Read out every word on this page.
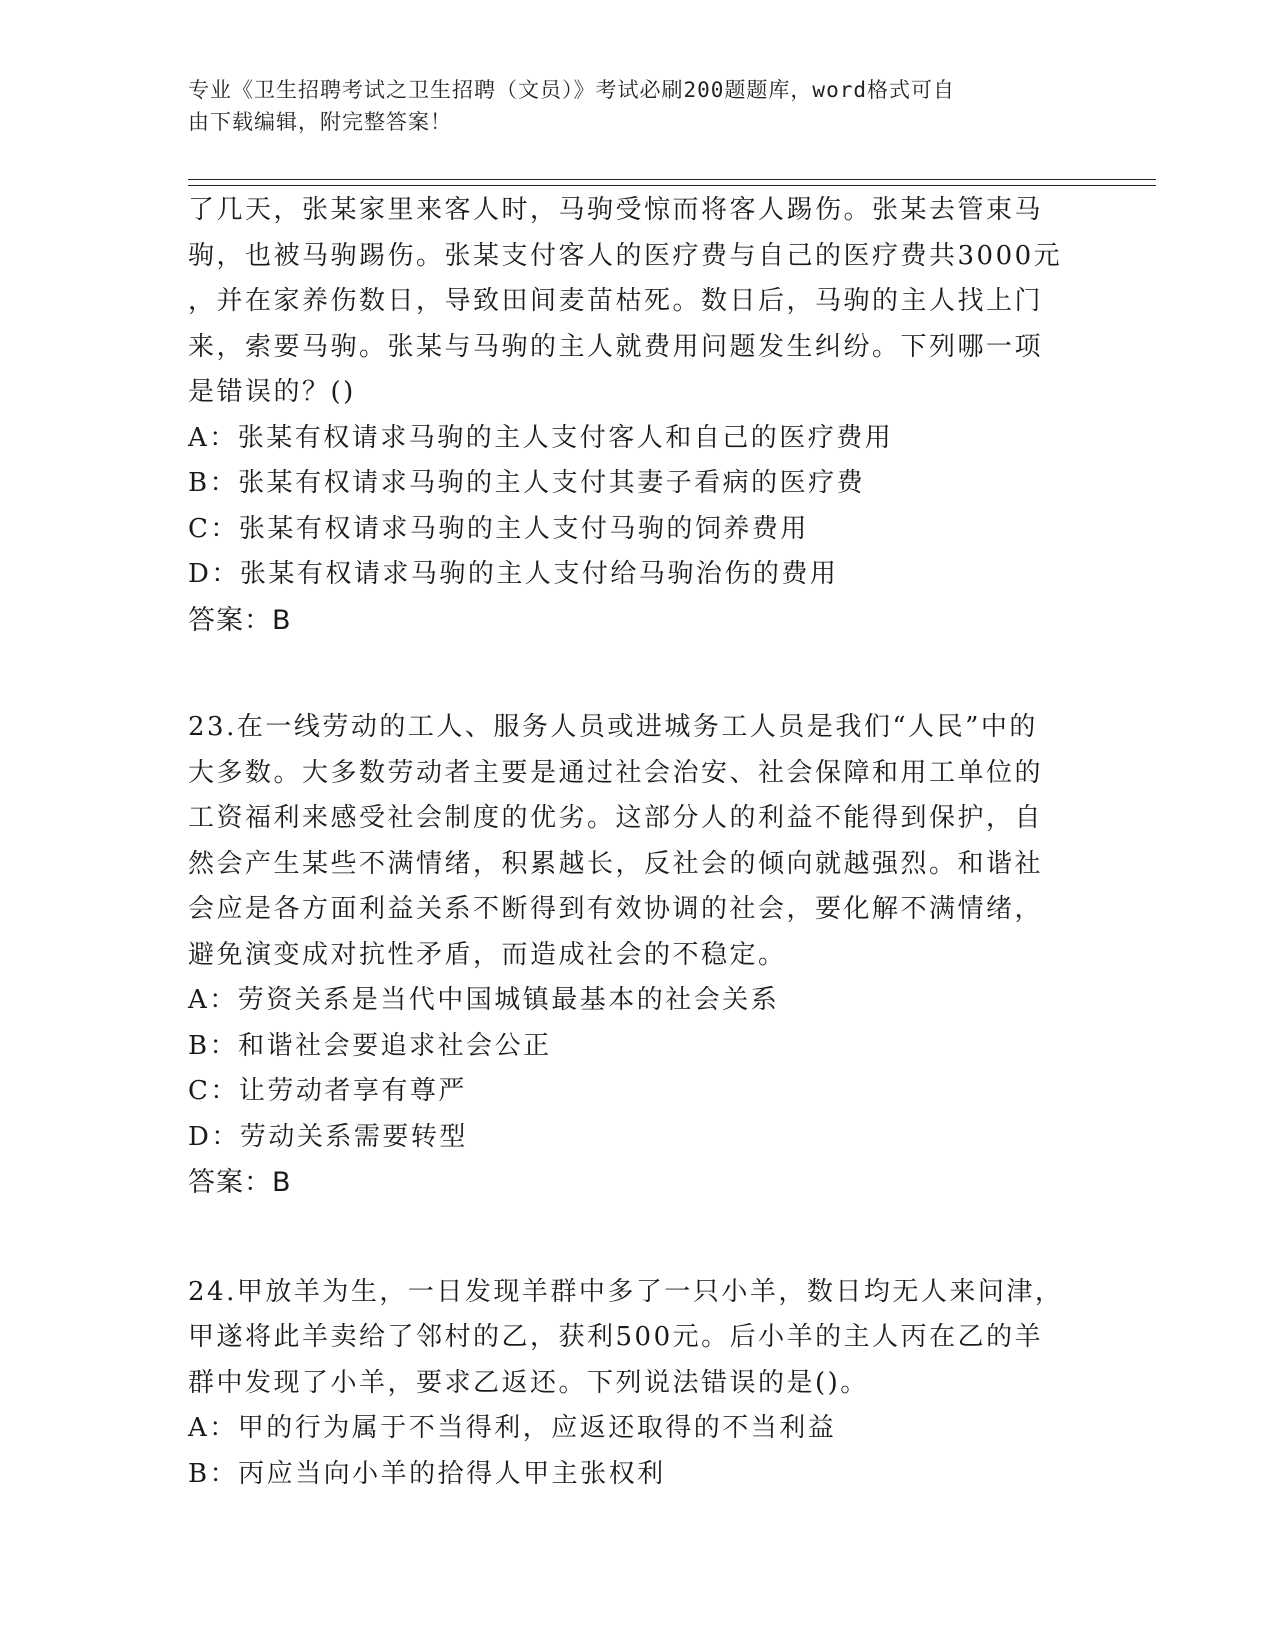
专业《卫生招聘考试之卫生招聘（文员）》考试必刷200题题库，word格式可自
由下载编辑，附完整答案！

了几天，张某家里来客人时，马驹受惊而将客人踢伤。张某去管束马

驹，也被马驹踢伤。张某支付客人的医疗费与自己的医疗费共3000元

，并在家养伤数日，导致田间麦苗枯死。数日后，马驹的主人找上门

来，索要马驹。张某与马驹的主人就费用问题发生纠纷。下列哪一项

是错误的？()

A：张某有权请求马驹的主人支付客人和自己的医疗费用

B：张某有权请求马驹的主人支付其妻子看病的医疗费

C：张某有权请求马驹的主人支付马驹的饲养费用

D：张某有权请求马驹的主人支付给马驹治伤的费用

答案：B

23.在一线劳动的工人、服务人员或进城务工人员是我们“人民”中的

大多数。大多数劳动者主要是通过社会治安、社会保障和用工单位的

工资福利来感受社会制度的优劣。这部分人的利益不能得到保护，自

然会产生某些不满情绪，积累越长，反社会的倾向就越强烈。和谐社

会应是各方面利益关系不断得到有效协调的社会，要化解不满情绪，

避免演变成对抗性矛盾，而造成社会的不稳定。

A：劳资关系是当代中国城镇最基本的社会关系

B：和谐社会要追求社会公正

C：让劳动者享有尊严

D：劳动关系需要转型

答案：B

24.甲放羊为生，一日发现羊群中多了一只小羊，数日均无人来问津，

甲遂将此羊卖给了邻村的乙，获利500元。后小羊的主人丙在乙的羊

群中发现了小羊，要求乙返还。下列说法错误的是()。

A：甲的行为属于不当得利，应返还取得的不当利益

B：丙应当向小羊的拾得人甲主张权利
